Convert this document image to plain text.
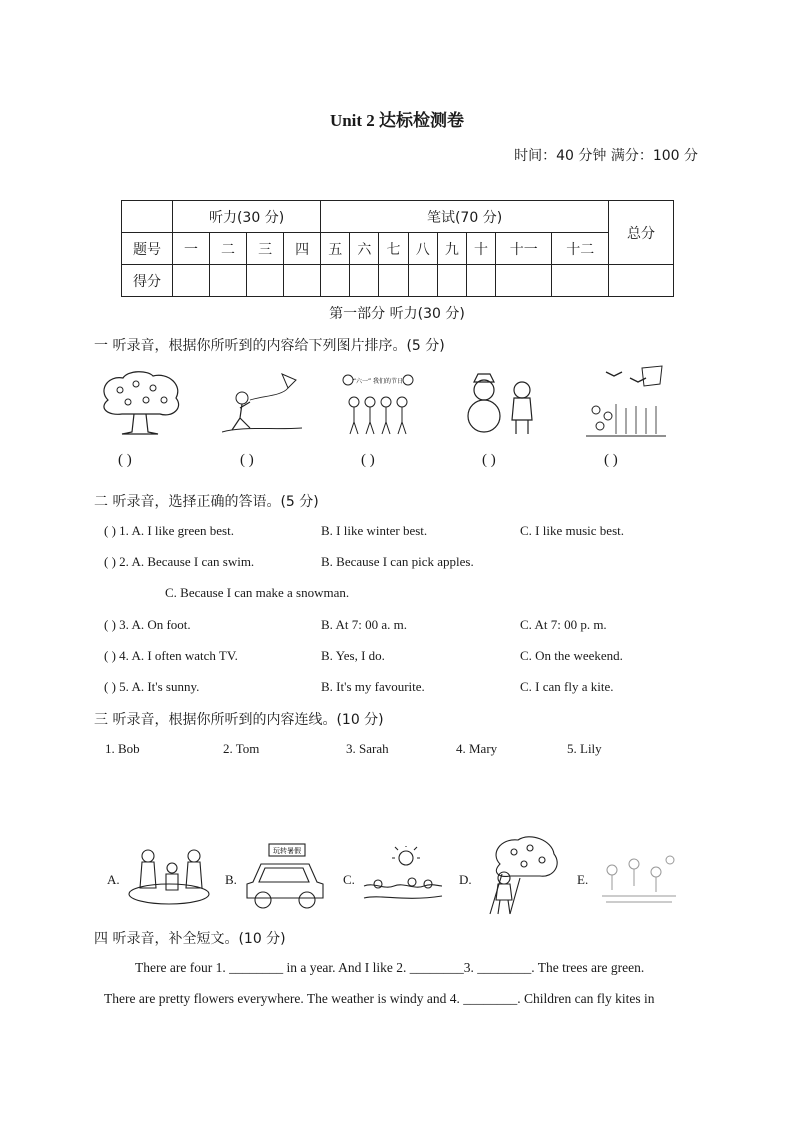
Unit 2 达标检测卷
时间：40 分钟 满分：100 分
	听力(30 分)				笔试(70 分)								总分
题号	一	二	三	四	五	六	七	八	九	十	十一	十二	
得分													
第一部分 听力(30 分)
一 听录音，根据你所听到的内容给下列图片排序。(5 分)
“六一” 我们的节日
( )	( )	( )	( )	( )
二 听录音，选择正确的答语。(5 分)
( ) 1. A. I like green best.	B. I like winter best.	C. I like music best.
( ) 2. A. Because I can swim.	B. Because I can pick apples.
C. Because I can make a snowman.
( ) 3. A. On foot.	B. At 7: 00 a. m.	C. At 7: 00 p. m.
( ) 4. A. I often watch TV.	B. Yes, I do.	C. On the weekend.
( ) 5. A. It's sunny.	B. It's my favourite.	C. I can fly a kite.
三 听录音，根据你所听到的内容连线。(10 分)
1. Bob	2. Tom	3. Sarah	4. Mary	5. Lily
A.	B.	C.	D.	E.
玩转暑假
四 听录音，补全短文。(10 分)
There are four 1. ________ in a year. And I like 2. ________3. ________. The trees are green.
There are pretty flowers everywhere. The weather is windy and 4. ________. Children can fly kites in
